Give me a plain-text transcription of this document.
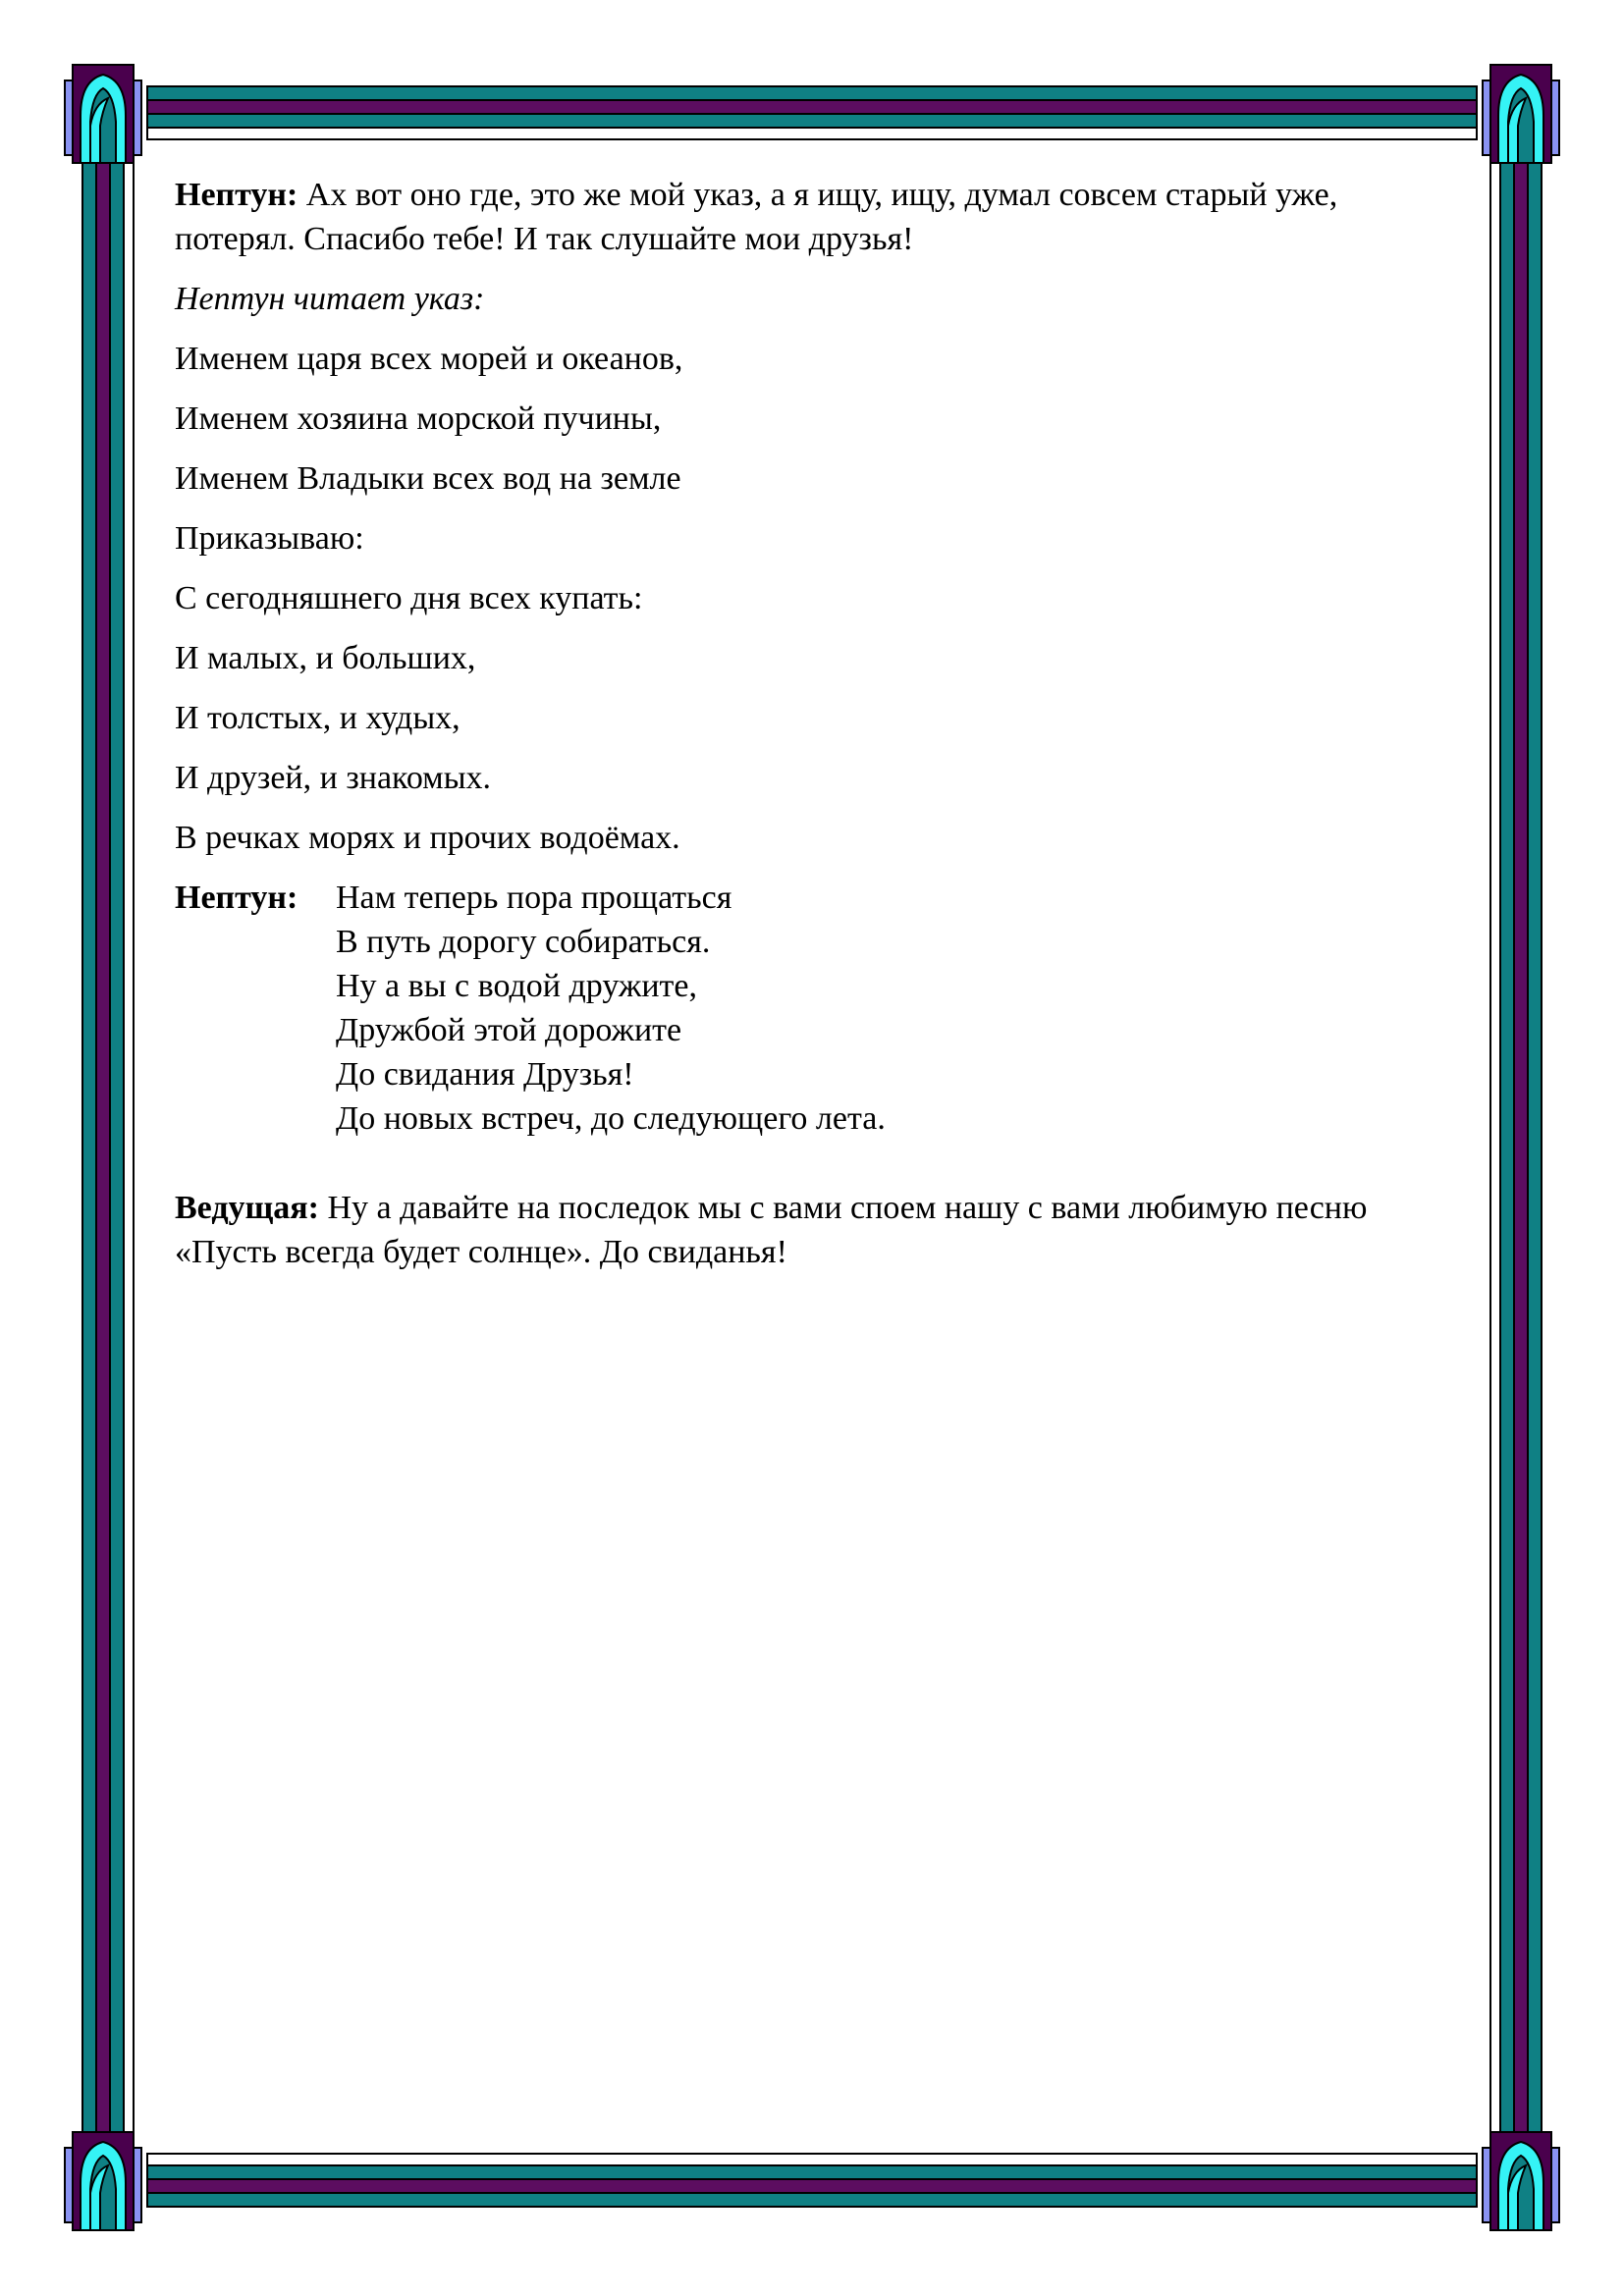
Нептун: Ах вот оно где, это же мой указ, а я ищу, ищу, думал совсем старый уже, потерял. Спасибо тебе! И так слушайте мои друзья!

Нептун читает указ:

Именем царя всех морей и океанов,

Именем хозяина морской пучины,

Именем Владыки всех вод на земле

Приказываю:

С сегодняшнего дня всех купать:

И малых, и больших,

И толстых, и худых,

И друзей, и знакомых.

В речках морях и прочих водоёмах.

Нептун:	Нам теперь пора прощаться
В путь дорогу собираться.
Ну а вы с водой дружите,
Дружбой этой дорожите
До свидания Друзья!
До новых встреч, до следующего лета.

Ведущая: Ну а давайте на последок мы с вами споем нашу с вами любимую песню «Пусть всегда будет солнце». До свиданья!
